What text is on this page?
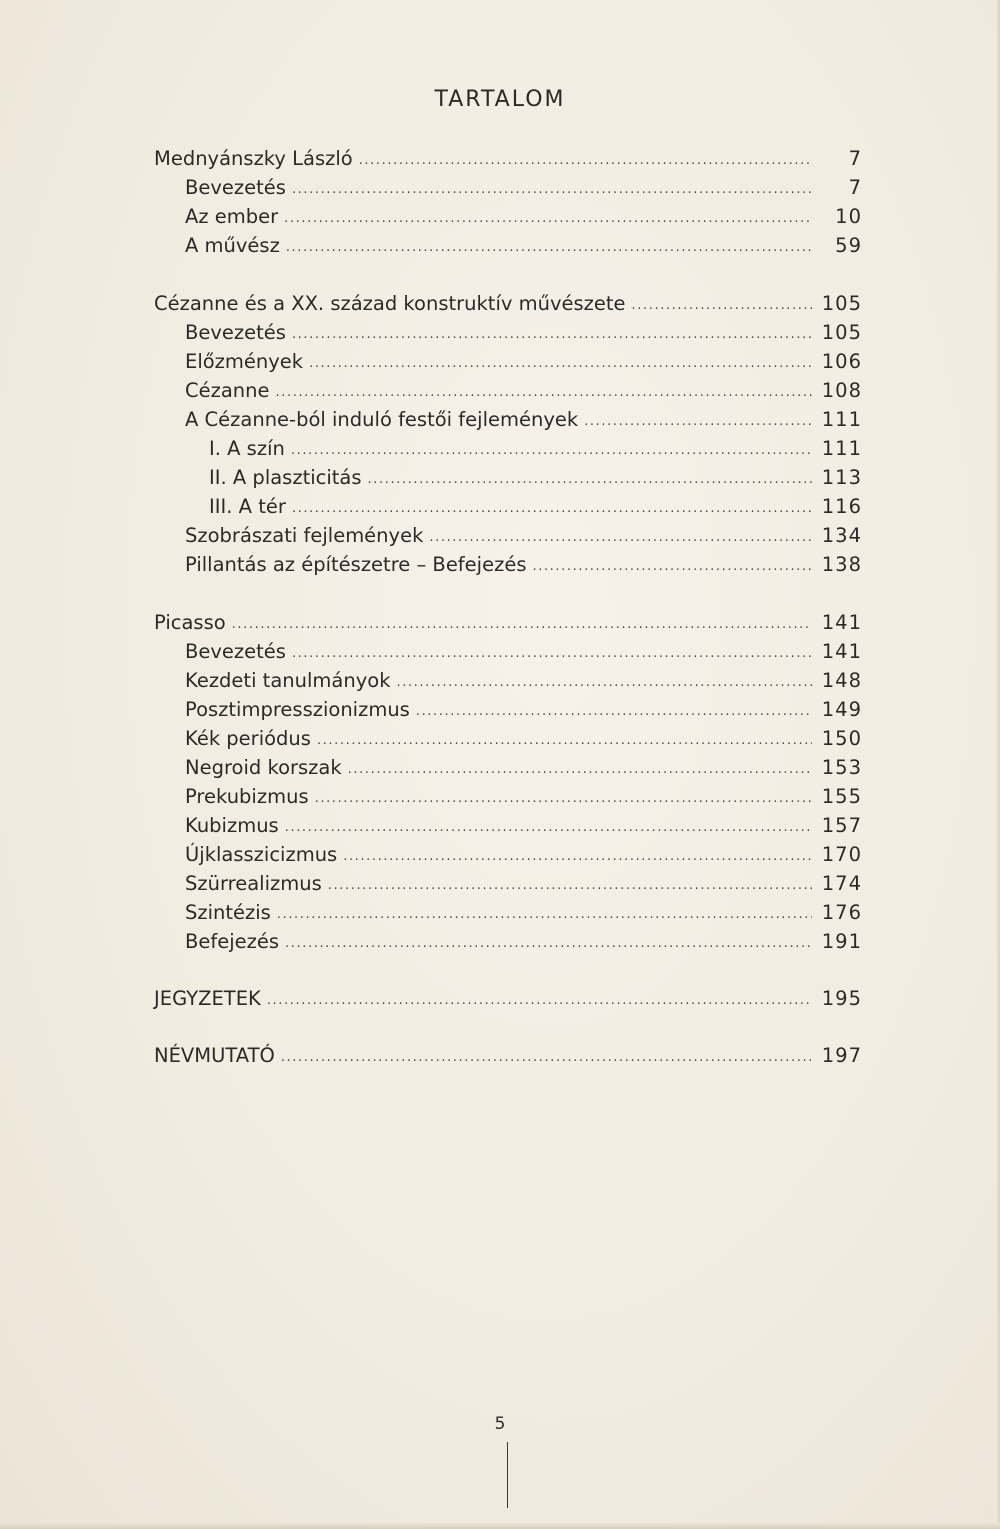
TARTALOM
Mednyánszky László .....	7
Bevezetés .....	7
Az ember .....	10
A művész .....	59
Cézanne és a XX. század konstruktív művészete .....	105
Bevezetés .....	105
Előzmények .....	106
Cézanne .....	108
A Cézanne-ból induló festői fejlemények .....	111
I. A szín .....	111
II. A plaszticitás .....	113
III. A tér .....	116
Szobrászati fejlemények .....	134
Pillantás az építészetre – Befejezés .....	138
Picasso .....	141
Bevezetés .....	141
Kezdeti tanulmányok .....	148
Posztimpresszionizmus .....	149
Kék periódus .....	150
Negroid korszak .....	153
Prekubizmus .....	155
Kubizmus .....	157
Újklasszicizmus .....	170
Szürrealizmus .....	174
Szintézis .....	176
Befejezés .....	191
JEGYZETEK .....	195
NÉVMUTATÓ .....	197
5
